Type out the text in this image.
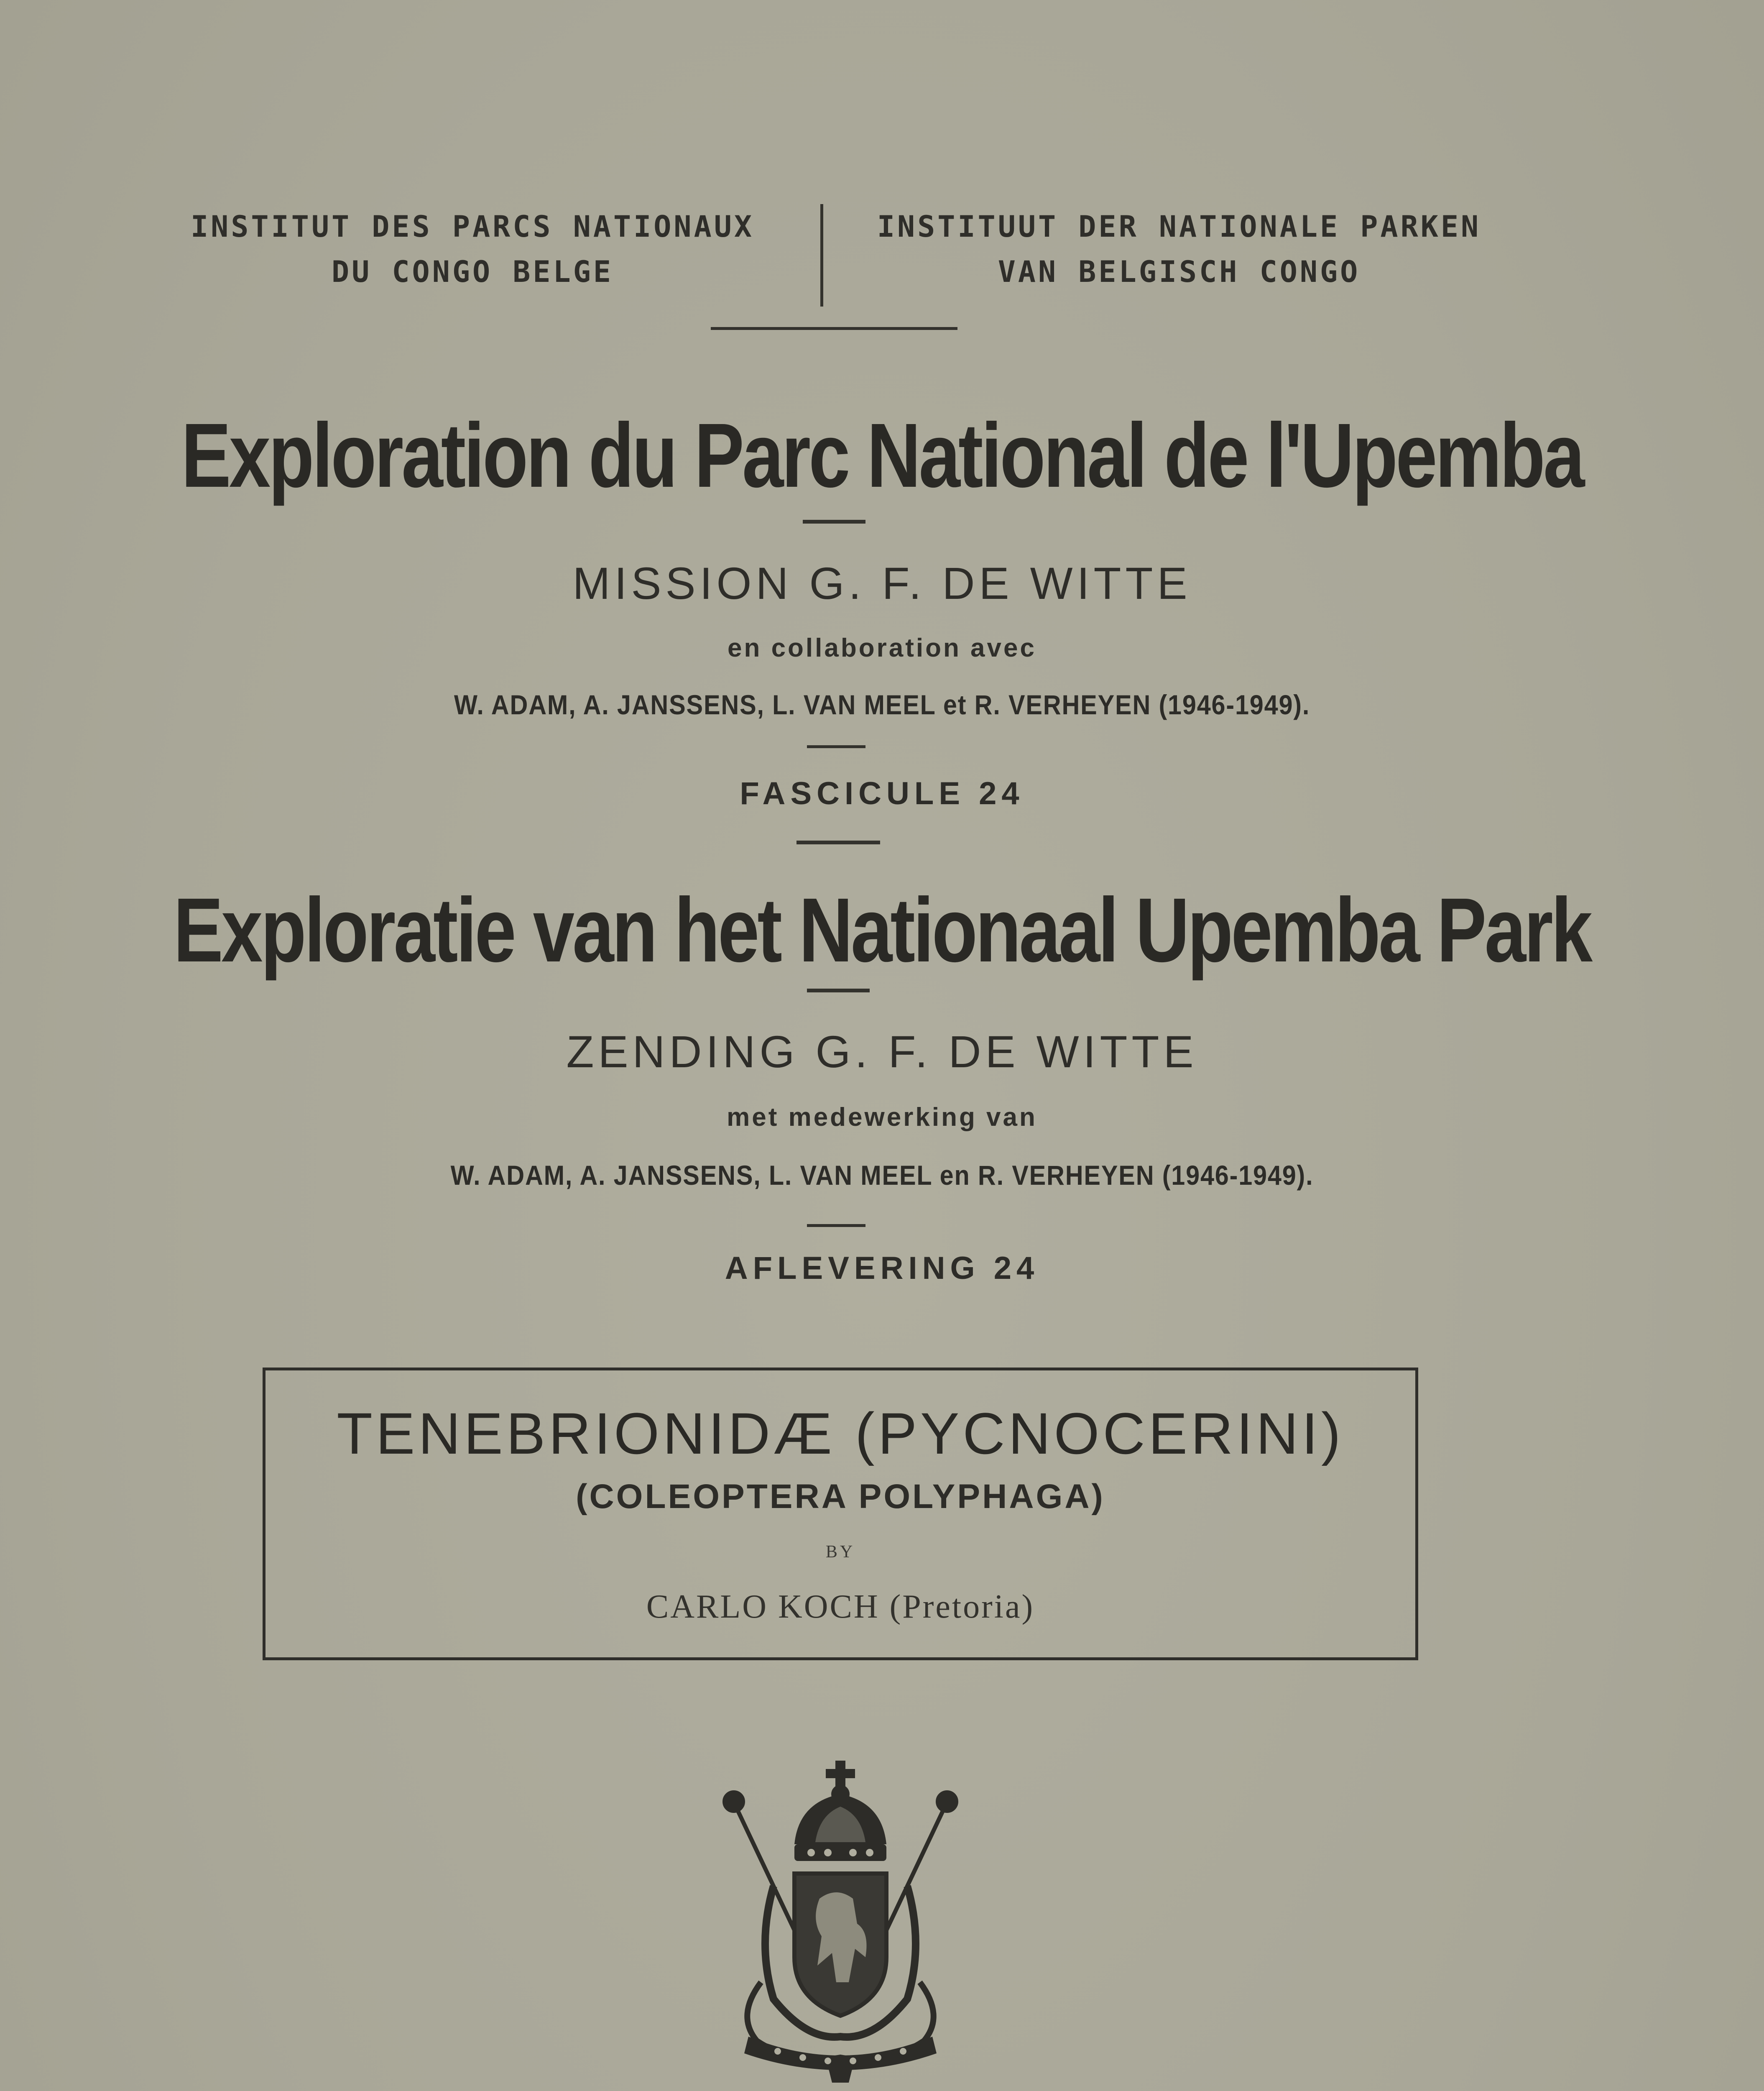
INSTITUT DES PARCS NATIONAUX
DU CONGO BELGE
INSTITUUT DER NATIONALE PARKEN
VAN BELGISCH CONGO
Exploration du Parc National de l'Upemba
MISSION G. F. DE WITTE
en collaboration avec
W. ADAM, A. JANSSENS, L. VAN MEEL et R. VERHEYEN (1946-1949).
FASCICULE 24
Exploratie van het Nationaal Upemba Park
ZENDING G. F. DE WITTE
met medewerking van
W. ADAM, A. JANSSENS, L. VAN MEEL en R. VERHEYEN (1946-1949).
AFLEVERING 24
TENEBRIONIDÆ (PYCNOCERINI)
(COLEOPTERA POLYPHAGA)
BY
CARLO KOCH (Pretoria)
